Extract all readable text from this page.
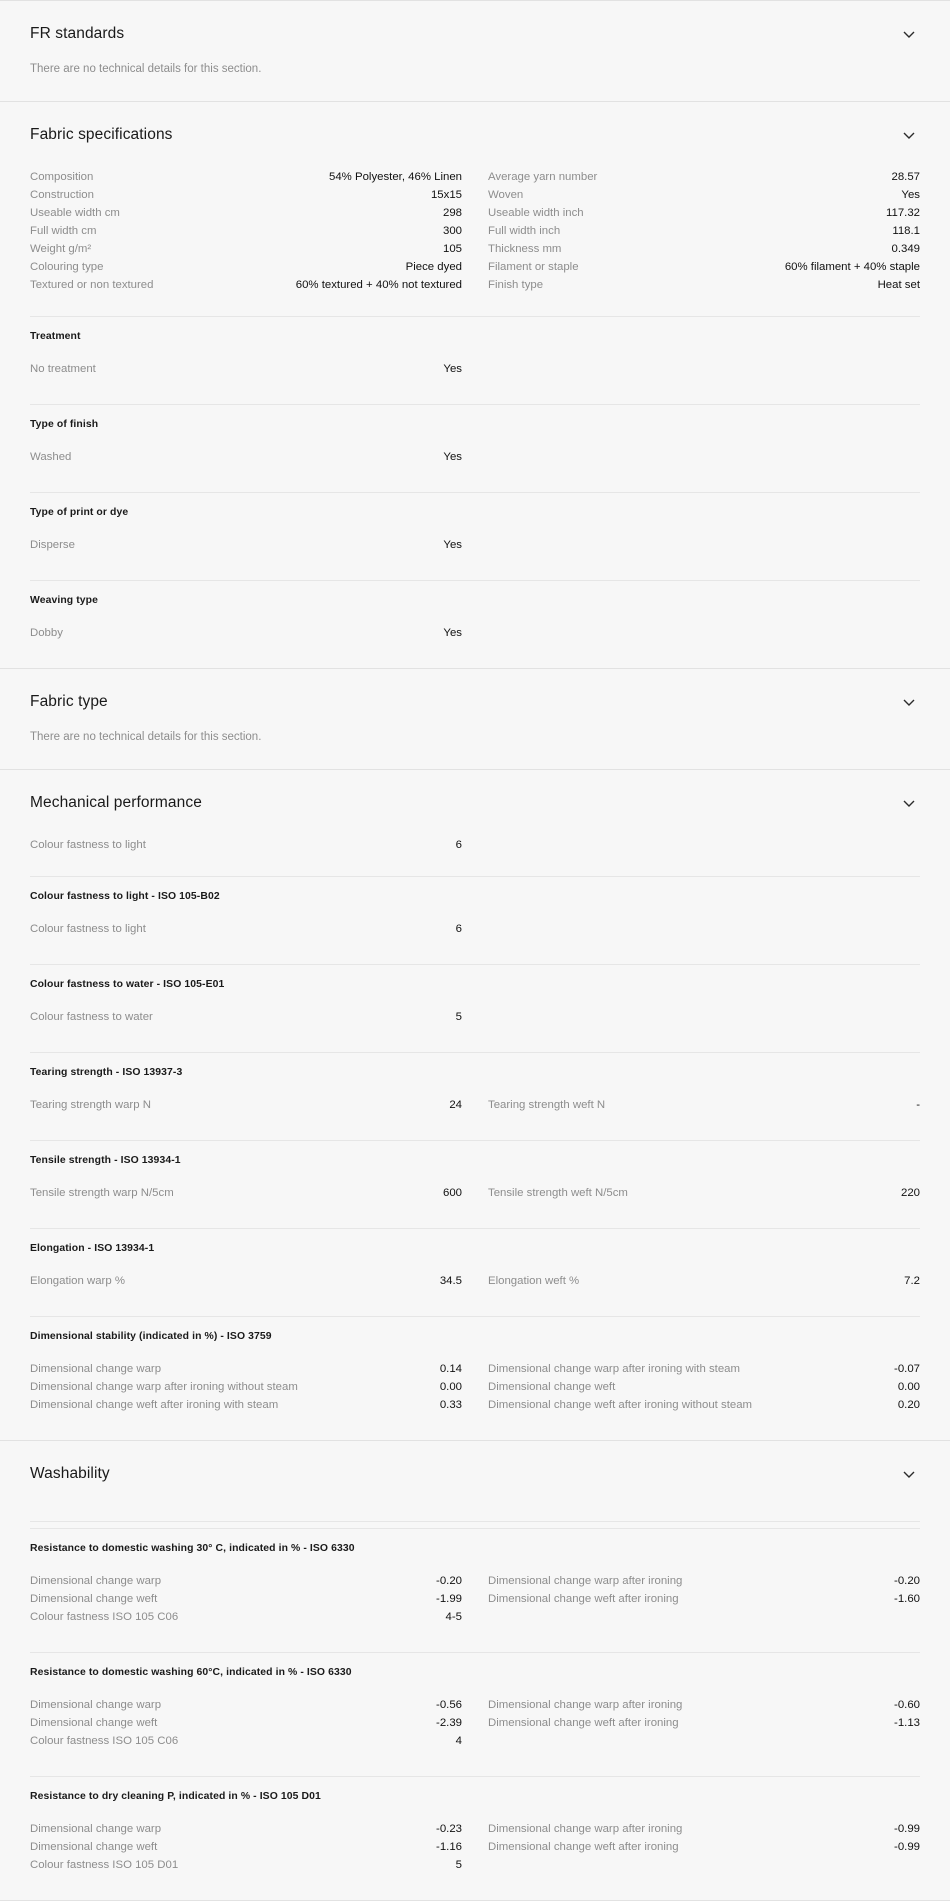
FR standards
There are no technical details for this section.
Fabric specifications
Composition	54% Polyester, 46% Linen
Construction	15x15
Useable width cm	298
Full width cm	300
Weight g/m²	105
Colouring type	Piece dyed
Textured or non textured	60% textured + 40% not textured
Average yarn number	28.57
Woven	Yes
Useable width inch	117.32
Full width inch	118.1
Thickness mm	0.349
Filament or staple	60% filament + 40% staple
Finish type	Heat set
Treatment
No treatment	Yes
Type of finish
Washed	Yes
Type of print or dye
Disperse	Yes
Weaving type
Dobby	Yes
Fabric type
There are no technical details for this section.
Mechanical performance
Colour fastness to light	6
Colour fastness to light - ISO 105-B02
Colour fastness to light	6
Colour fastness to water - ISO 105-E01
Colour fastness to water	5
Tearing strength - ISO 13937-3
Tearing strength warp N	24 Tearing strength weft N	-
Tensile strength - ISO 13934-1
Tensile strength warp N/5cm	600 Tensile strength weft N/5cm	220
Elongation - ISO 13934-1
Elongation warp %	34.5 Elongation weft %	7.2
Dimensional stability (indicated in %) - ISO 3759
Dimensional change warp	0.14
Dimensional change warp after ironing without steam	0.00
Dimensional change weft after ironing with steam	0.33
Dimensional change warp after ironing with steam	-0.07
Dimensional change weft	0.00
Dimensional change weft after ironing without steam	0.20
Washability
Resistance to domestic washing 30° C, indicated in % - ISO 6330
Dimensional change warp	-0.20
Dimensional change weft	-1.99
Colour fastness ISO 105 C06	4-5
Dimensional change warp after ironing	-0.20
Dimensional change weft after ironing	-1.60
Resistance to domestic washing 60°C, indicated in % - ISO 6330
Dimensional change warp	-0.56
Dimensional change weft	-2.39
Colour fastness ISO 105 C06	4
Dimensional change warp after ironing	-0.60
Dimensional change weft after ironing	-1.13
Resistance to dry cleaning P, indicated in % - ISO 105 D01
Dimensional change warp	-0.23
Dimensional change weft	-1.16
Colour fastness ISO 105 D01	5
Dimensional change warp after ironing	-0.99
Dimensional change weft after ironing	-0.99
